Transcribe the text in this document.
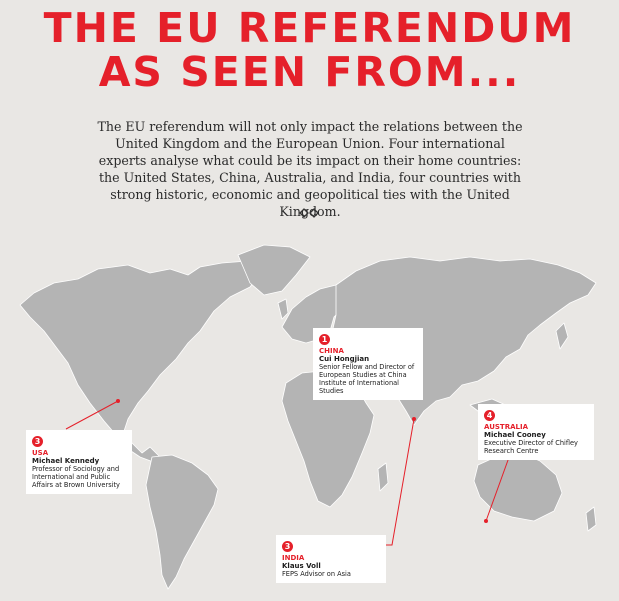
THE EU REFERENDUM
AS SEEN FROM...

The EU referendum will not only impact the relations between the United Kingdom and the European Union. Four international experts analyse what could be its impact on their home countries: the United States, China, Australia, and India, four countries with strong historic, economic and geopolitical ties with the United Kingdom.

1
CHINA
Cui Hongjian
Senior Fellow and Director of European Studies at China Institute of International Studies
3
USA
Michael Kennedy
Professor of Sociology and International and Public Affairs at Brown University
4
AUSTRALIA
Michael Cooney
Executive Director of Chifley Research Centre
3
INDIA
Klaus Voll
FEPS Advisor on Asia
